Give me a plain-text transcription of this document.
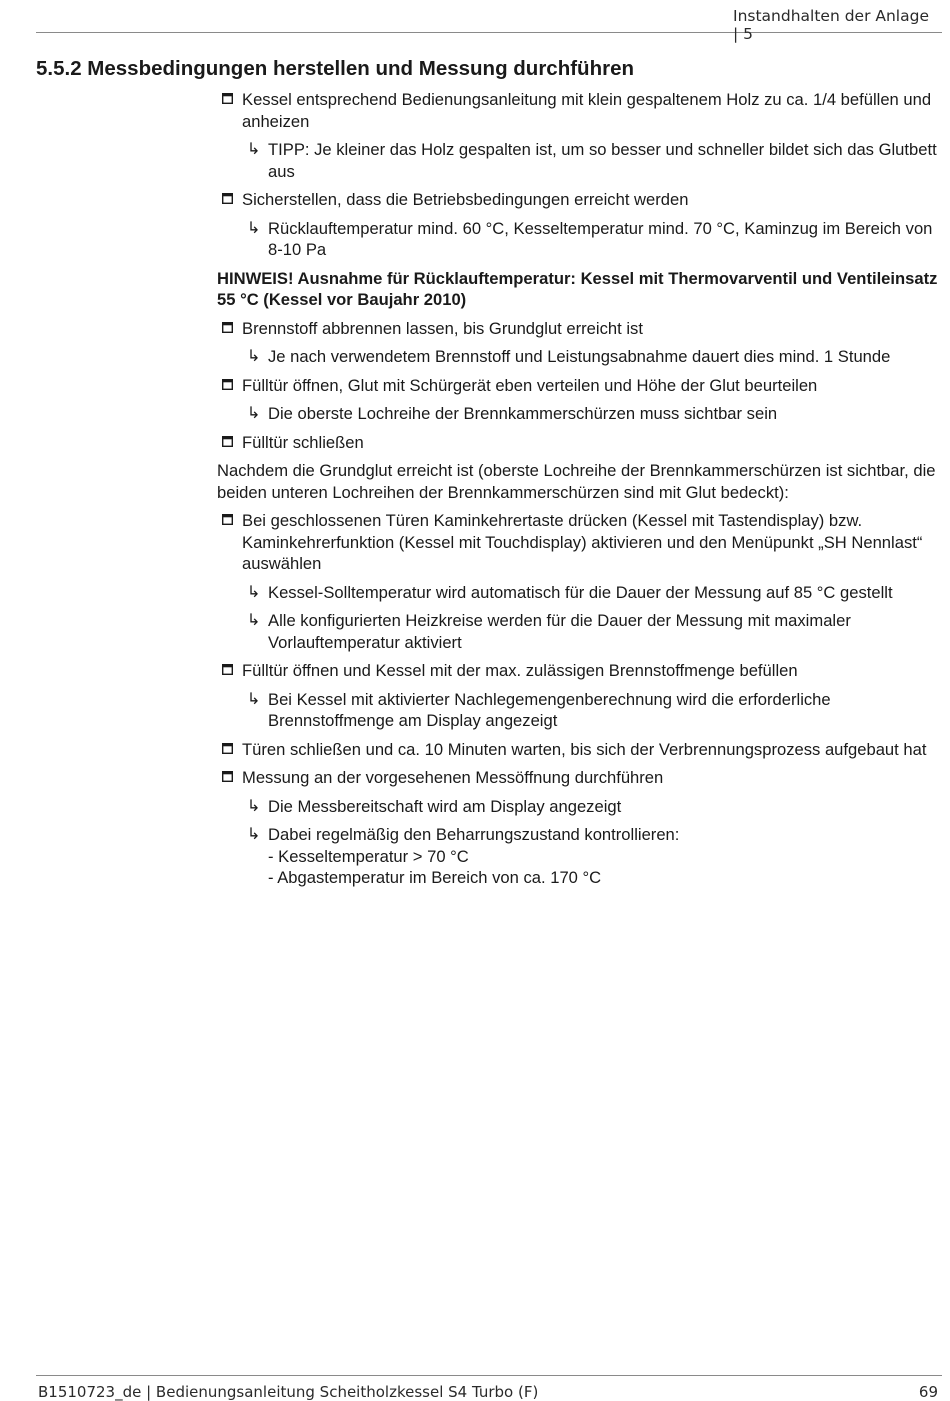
Instandhalten der Anlage | 5
5.5.2 Messbedingungen herstellen und Messung durchführen
Kessel entsprechend Bedienungsanleitung mit klein gespaltenem Holz zu ca. 1/4 befüllen und anheizen
↳ TIPP: Je kleiner das Holz gespalten ist, um so besser und schneller bildet sich das Glutbett aus
Sicherstellen, dass die Betriebsbedingungen erreicht werden
↳ Rücklauftemperatur mind. 60 °C, Kesseltemperatur mind. 70 °C, Kaminzug im Bereich von 8-10 Pa
HINWEIS! Ausnahme für Rücklauftemperatur: Kessel mit Thermovarventil und Ventileinsatz 55 °C (Kessel vor Baujahr 2010)
Brennstoff abbrennen lassen, bis Grundglut erreicht ist
↳ Je nach verwendetem Brennstoff und Leistungsabnahme dauert dies mind. 1 Stunde
Fülltür öffnen, Glut mit Schürgerät eben verteilen und Höhe der Glut beurteilen
↳ Die oberste Lochreihe der Brennkammerschürzen muss sichtbar sein
Fülltür schließen
Nachdem die Grundglut erreicht ist (oberste Lochreihe der Brennkammerschürzen ist sichtbar, die beiden unteren Lochreihen der Brennkammerschürzen sind mit Glut bedeckt):
Bei geschlossenen Türen Kaminkehrertaste drücken (Kessel mit Tastendisplay) bzw. Kaminkehrerfunktion (Kessel mit Touchdisplay) aktivieren und den Menüpunkt „SH Nennlast“ auswählen
↳ Kessel-Solltemperatur wird automatisch für die Dauer der Messung auf 85 °C gestellt
↳ Alle konfigurierten Heizkreise werden für die Dauer der Messung mit maximaler Vorlauftemperatur aktiviert
Fülltür öffnen und Kessel mit der max. zulässigen Brennstoffmenge befüllen
↳ Bei Kessel mit aktivierter Nachlegemengenberechnung wird die erforderliche Brennstoffmenge am Display angezeigt
Türen schließen und ca. 10 Minuten warten, bis sich der Verbrennungsprozess aufgebaut hat
Messung an der vorgesehenen Messöffnung durchführen
↳ Die Messbereitschaft wird am Display angezeigt
↳ Dabei regelmäßig den Beharrungszustand kontrollieren:
- Kesseltemperatur > 70 °C
- Abgastemperatur im Bereich von ca. 170 °C
B1510723_de | Bedienungsanleitung Scheitholzkessel S4 Turbo (F)	69
